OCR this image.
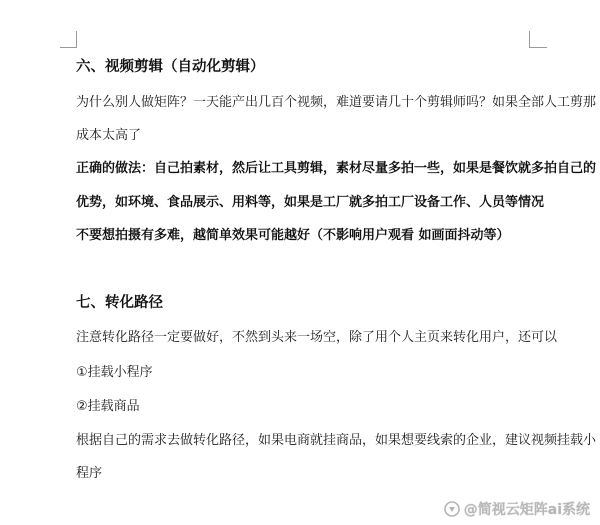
六、视频剪辑（自动化剪辑）
为什么别人做矩阵？一天能产出几百个视频，难道要请几十个剪辑师吗？如果全部人工剪那
成本太高了
正确的做法：自己拍素材，然后让工具剪辑，素材尽量多拍一些，如果是餐饮就多拍自己的
优势，如环境、食品展示、用料等，如果是工厂就多拍工厂设备工作、人员等情况
不要想拍摄有多难，越简单效果可能越好（不影响用户观看 如画面抖动等）
七、转化路径
注意转化路径一定要做好，不然到头来一场空，除了用个人主页来转化用户，还可以
①挂载小程序
②挂载商品
根据自己的需求去做转化路径，如果电商就挂商品，如果想要线索的企业，建议视频挂载小
程序
@简视云矩阵ai系统
